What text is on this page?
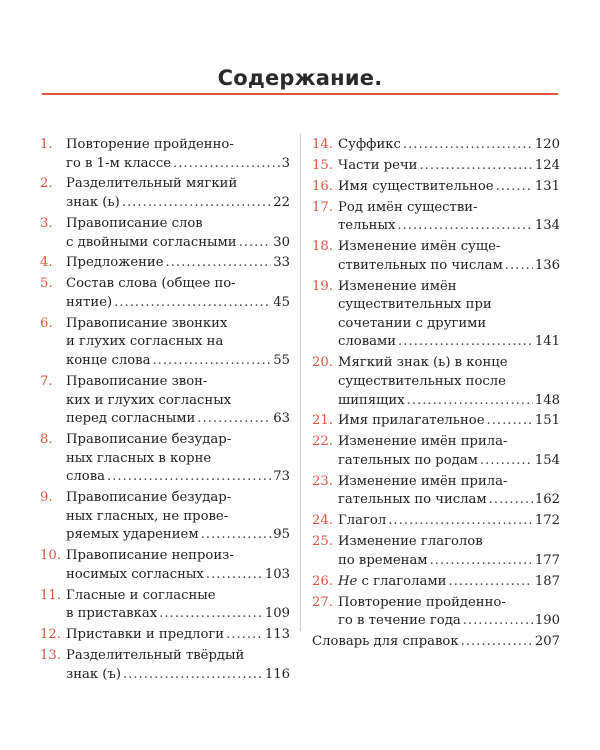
Содержание.
1.	Повторение пройденно-
го в 1-м классе .....	3
2.	Разделительный мягкий
знак (ь) .....	22
3.	Правописание слов
с двойными согласными .....	30
4.	Предложение .....	33
5.	Состав слова (общее по-
нятие) .....	45
6.	Правописание звонких
и глухих согласных на
конце слова .....	55
7.	Правописание звон-
ких и глухих согласных
перед согласными .....	63
8.	Правописание безудар-
ных гласных в корне
слова .....	73
9.	Правописание безудар-
ных гласных, не прове-
ряемых ударением .....	95
10. Правописание непроиз-
носимых согласных .....	103
11. Гласные и согласные
в приставках .....	109
12. Приставки и предлоги .....	113
13. Разделительный твёрдый
знак (ъ) .....	116
14. Суффикс .....	120
15. Части речи .....	124
16. Имя существительное .....	131
17. Род имён существи-
тельных .....	134
18. Изменение имён суще-
ствительных по числам ..... 136
19. Изменение имён
существительных при
сочетании с другими
словами .....	141
20. Мягкий знак (ь) в конце
существительных после
шипящих .....	148
21. Имя прилагательное .....	151
22. Изменение имён прила-
гательных по родам .....	154
23. Изменение имён прила-
гательных по числам .....	162
24. Глагол .....	172
25. Изменение глаголов
по временам .....	177
26. Не с глаголами .....	187
27. Повторение пройденно-
го в течение года .....	190
Словарь для справок .....	207
